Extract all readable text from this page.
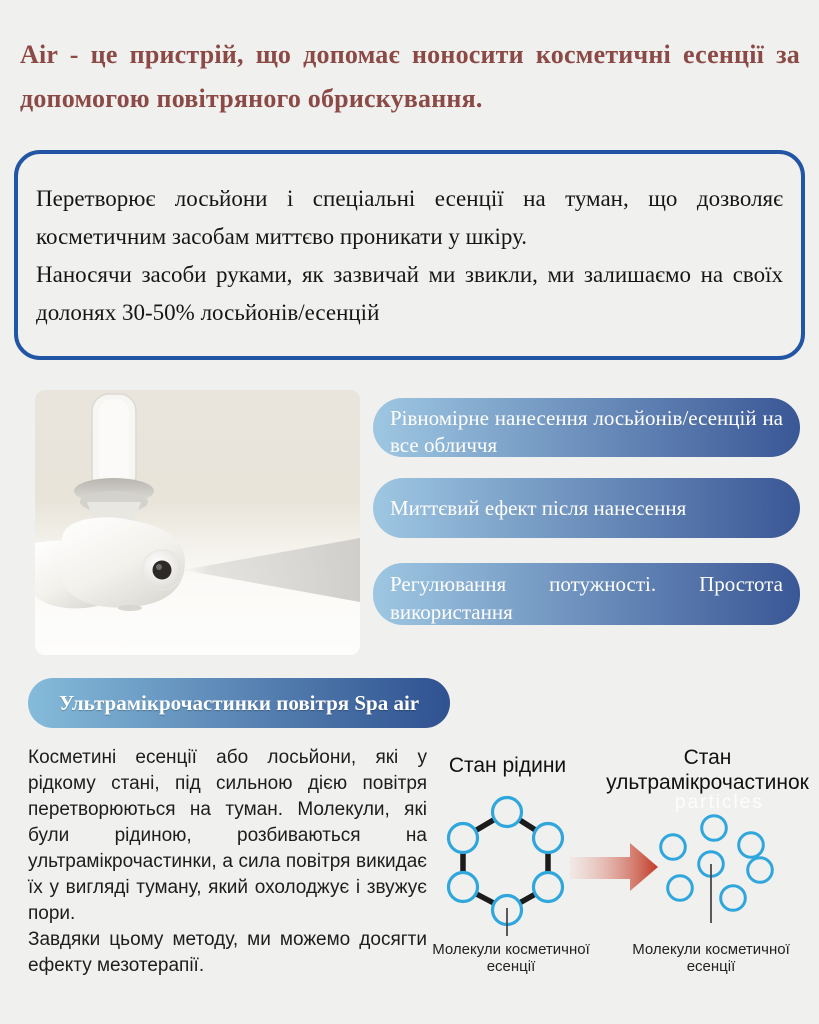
Air - це пристрій, що допомає ноносити косметичні есенції за допомогою повітряного обрискування.

Перетворює лосьйони і спеціальні есенції на туман, що дозволяє косметичним засобам миттєво проникати у шкіру.

Наносячи засоби руками, як зазвичай ми звикли, ми залишаємо на своїх долонях 30-50% лосьйонів/есенцій

Рівномірне нанесення лосьйонів/есенцій на все обличчя
Миттєвий ефект після нанесення
Регулювання потужності. Простота використання
Ультрамікрочастинки повітря Spa air

Косметині есенції або лосьйони, які у рідкому стані, під сильною дією повітря перетворюються на туман. Молекули, які були рідиною, розбиваються на ультрамікрочастинки, а сила повітря викидає їх у вигляді туману, який охолоджує і звужує пори.

Завдяки цьому методу, ми можемо досягти ефекту мезотерапії.

Стан рідини	Стан ультрамікрочастинок
particles
Молекули косметичної есенції
Молекули косметичної есенції
